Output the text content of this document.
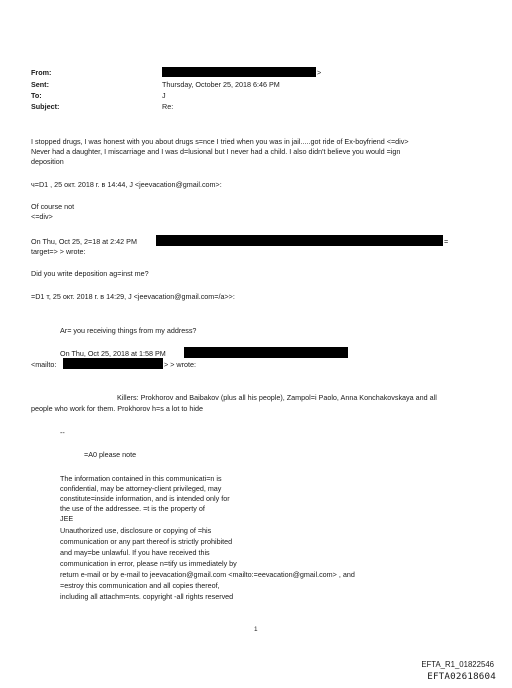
From:	>
Sent:	Thursday, October 25, 2018 6:46 PM
To:	J
Subject:	Re:
I stopped drugs, I was honest with you about drugs s=nce I tried when you was in jail.....got ride of Ex-boyfriend <=div>
Never had a daughter, I miscarriage and I was d=lusional but I never had a child. I also didn't believe you would =ign
deposition
ч=D1 , 25 окт. 2018 г. в 14:44, J <jeevacation@gmail.com>:
Of course not
<=div>
On Thu, Oct 25, 2=18 at 2:42 PM	=
target=> > wrote:
Did you write deposition ag=inst me?
=D1 т, 25 окт. 2018 г. в 14:29, J <jeevacation@gmail.com=/a>>:
Ar= you receiving things from my address?
On Thu, Oct 25, 2018 at 1:58 PM
<mailto:	> > wrote:
Killers: Prokhorov and Baibakov (plus all his people), Zampol=i Paolo, Anna Konchakovskaya and all
people who work for them. Prokhorov h=s a lot to hide
--
=A0 please note
The information contained in this communicati=n is
confidential, may be attorney-client privileged, may
constitute=inside information, and is intended only for
the use of the addressee. =t is the property of
JEE
Unauthorized use, disclosure or copying of =his
communication or any part thereof is strictly prohibited
and may=be unlawful. If you have received this
communication in error, please n=tify us immediately by
return e-mail or by e-mail to jeevacation@gmail.com <mailto:=eevacation@gmail.com> , and
=estroy this communication and all copies thereof,
including all attachm=nts. copyright -all rights reserved
1
EFTA_R1_01822546
EFTA02618604
